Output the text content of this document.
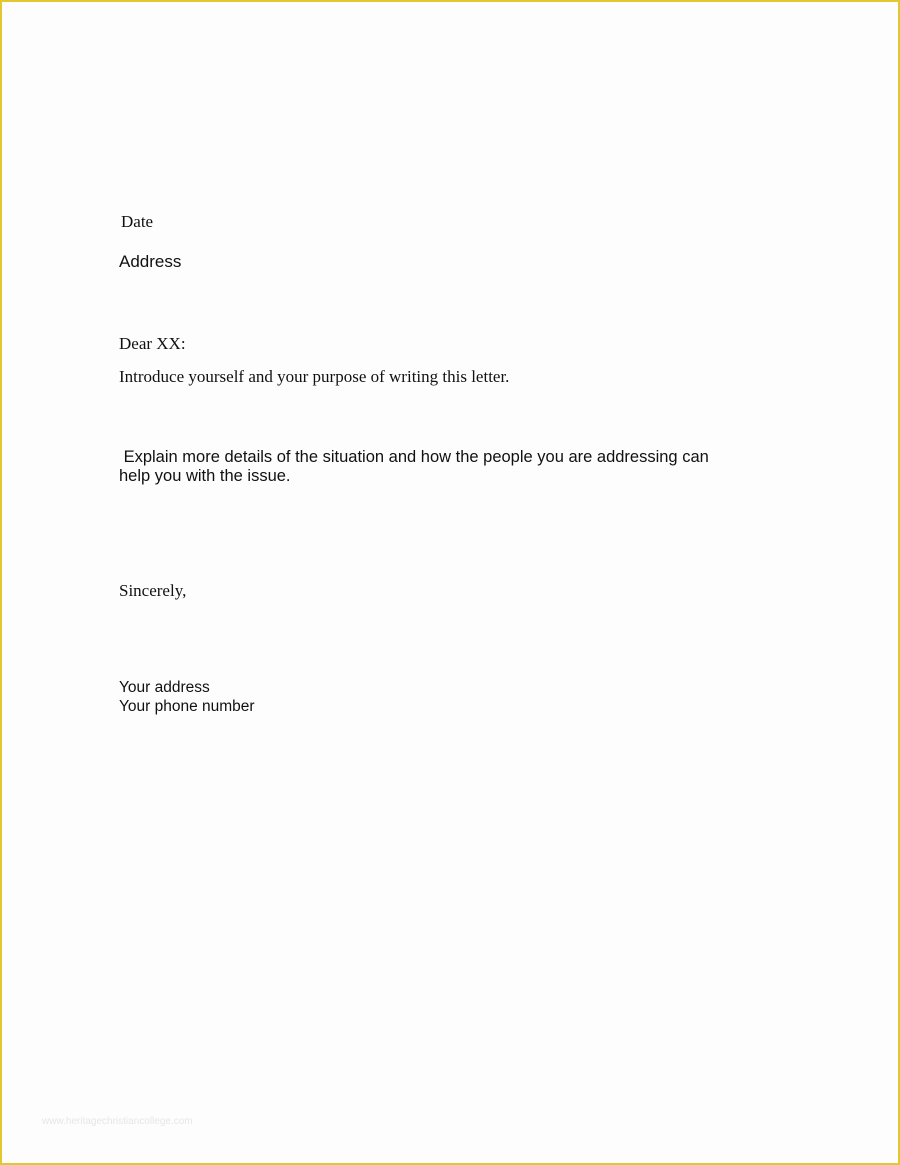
Date
Address
Dear XX:
Introduce yourself and your purpose of writing this letter.
Explain more details of the situation and how the people you are addressing can
help you with the issue.
Sincerely,
Your address
Your phone number
www.heritagechristiancollege.com
